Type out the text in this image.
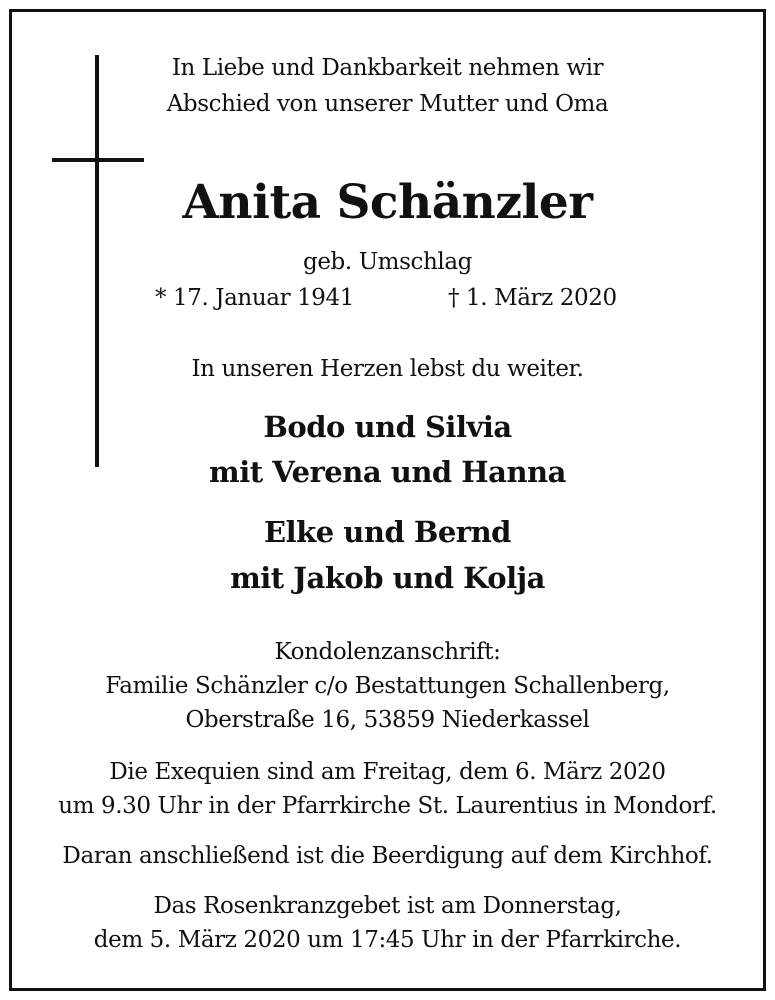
In Liebe und Dankbarkeit nehmen wir
Abschied von unserer Mutter und Oma
Anita Schänzler
geb. Umschlag
* 17. Januar 1941	† 1. März 2020
In unseren Herzen lebst du weiter.
Bodo und Silvia
mit Verena und Hanna
Elke und Bernd
mit Jakob und Kolja
Kondolenzanschrift:
Familie Schänzler c/o Bestattungen Schallenberg,
Oberstraße 16, 53859 Niederkassel
Die Exequien sind am Freitag, dem 6. März 2020
um 9.30 Uhr in der Pfarrkirche St. Laurentius in Mondorf.
Daran anschließend ist die Beerdigung auf dem Kirchhof.
Das Rosenkranzgebet ist am Donnerstag,
dem 5. März 2020 um 17:45 Uhr in der Pfarrkirche.
